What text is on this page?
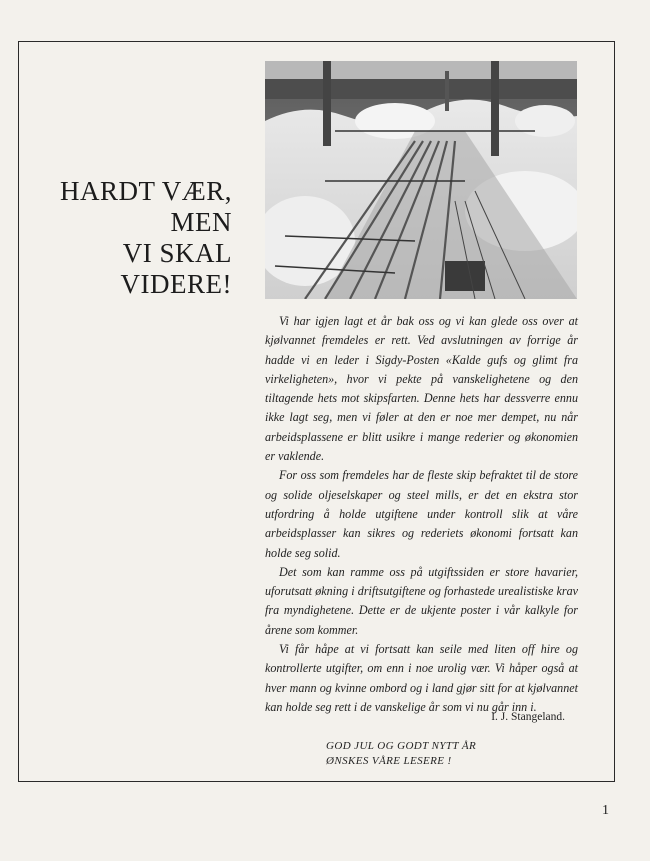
HARDT VÆR,
MEN
VI SKAL
VIDERE!

Vi har igjen lagt et år bak oss og vi kan glede oss over at kjølvannet fremdeles er rett. Ved avslutningen av forrige år hadde vi en leder i Sigdy-Posten «Kalde gufs og glimt fra virkeligheten», hvor vi pekte på vanskelighetene og den tiltagende hets mot skipsfarten. Denne hets har dessverre ennu ikke lagt seg, men vi føler at den er noe mer dempet, nu når arbeidsplassene er blitt usikre i mange rederier og økonomien er vaklende.

For oss som fremdeles har de fleste skip befraktet til de store og solide oljeselskaper og steel mills, er det en ekstra stor utfordring å holde utgiftene under kontroll slik at våre arbeidsplasser kan sikres og rederiets økonomi fortsatt kan holde seg solid.

Det som kan ramme oss på utgiftssiden er store havarier, uforutsatt økning i driftsutgiftene og forhastede urealistiske krav fra myndighetene. Dette er de ukjente poster i vår kalkyle for årene som kommer.

Vi får håpe at vi fortsatt kan seile med liten off hire og kontrollerte utgifter, om enn i noe urolig vær. Vi håper også at hver mann og kvinne ombord og i land gjør sitt for at kjølvannet kan holde seg rett i de vanskelige år som vi nu går inn i.

I. J. Stangeland.
GOD JUL OG GODT NYTT ÅR
ØNSKES VÅRE LESERE !
1
